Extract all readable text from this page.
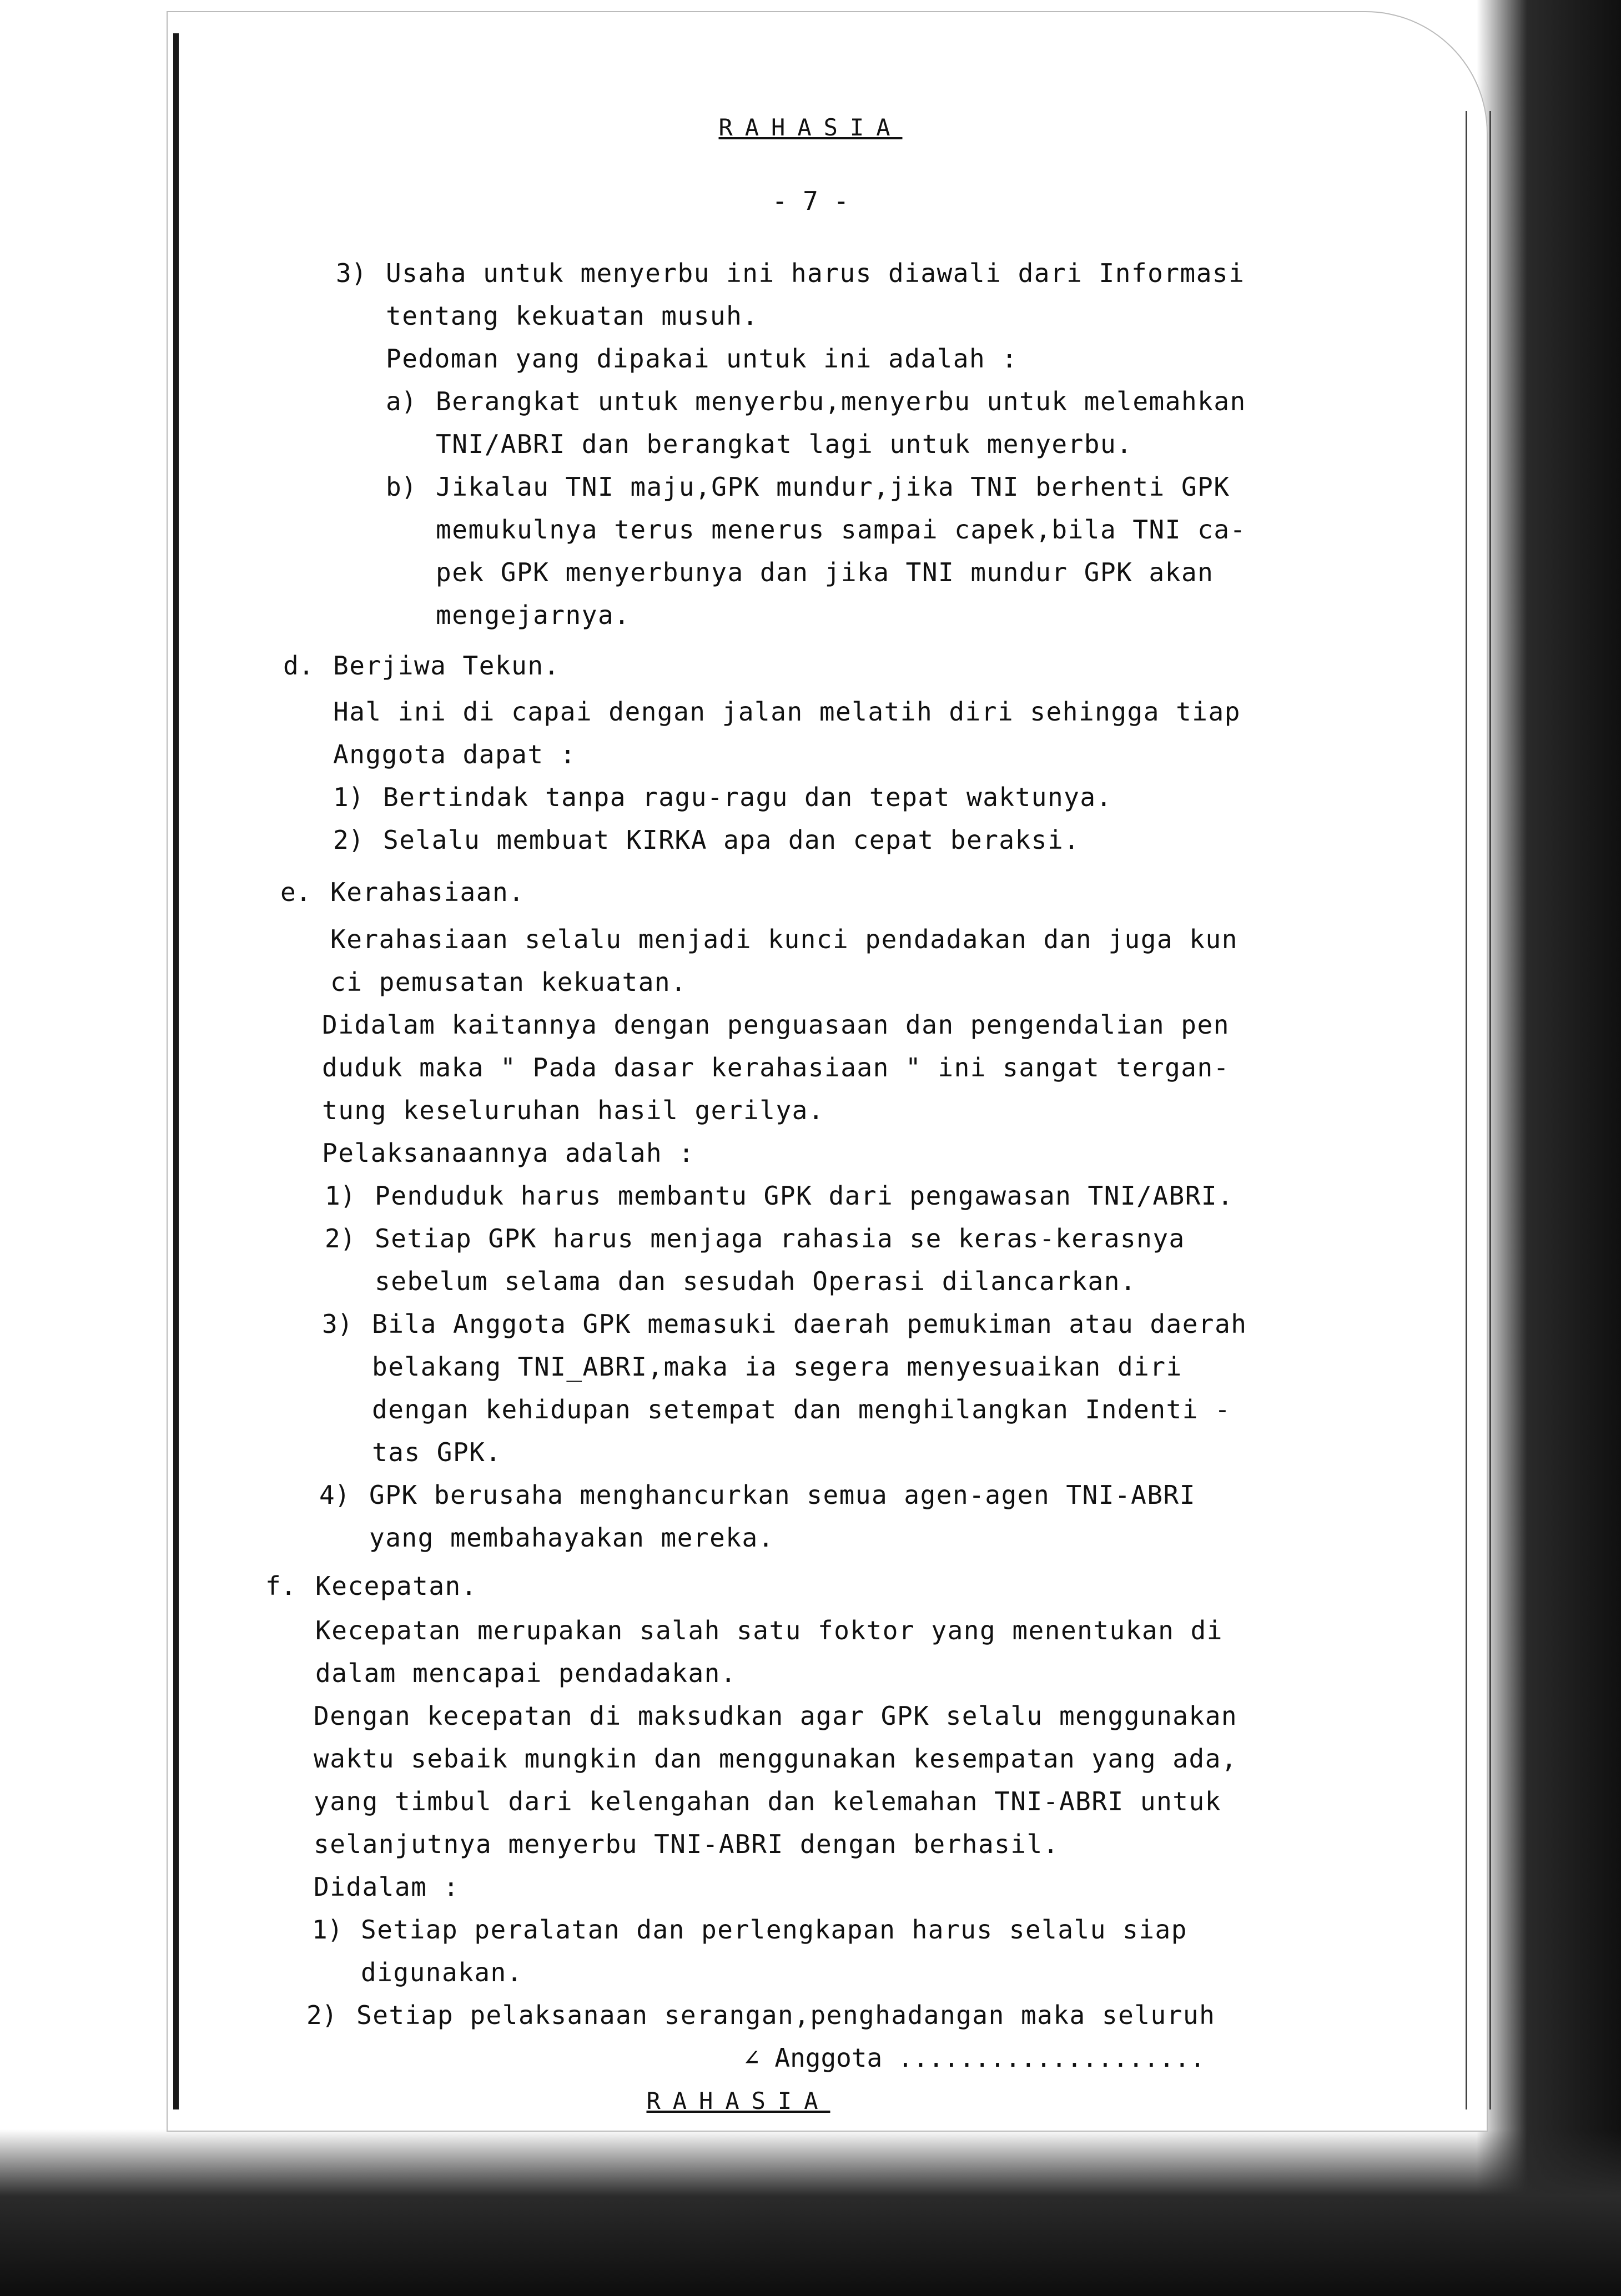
RAHASIA
- 7 -
3) Usaha untuk menyerbu ini harus diawali dari Informasi
tentang kekuatan musuh.
Pedoman yang dipakai untuk ini adalah :
a) Berangkat untuk menyerbu,menyerbu untuk melemahkan
TNI/ABRI dan berangkat lagi untuk menyerbu.
b) Jikalau TNI maju,GPK mundur,jika TNI berhenti GPK
memukulnya terus menerus sampai capek,bila TNI ca-
pek GPK menyerbunya dan jika TNI mundur GPK akan
mengejarnya.
d. Berjiwa Tekun.
Hal ini di capai dengan jalan melatih diri sehingga tiap
Anggota dapat :
1) Bertindak tanpa ragu-ragu dan tepat waktunya.
2) Selalu membuat KIRKA apa dan cepat beraksi.
e. Kerahasiaan.
Kerahasiaan selalu menjadi kunci pendadakan dan juga kun
ci pemusatan kekuatan.
Didalam kaitannya dengan penguasaan dan pengendalian pen
duduk maka " Pada dasar kerahasiaan " ini sangat tergan-
tung keseluruhan hasil gerilya.
Pelaksanaannya adalah :
1) Penduduk harus membantu GPK dari pengawasan TNI/ABRI.
2) Setiap GPK harus menjaga rahasia se keras-kerasnya
sebelum selama dan sesudah Operasi dilancarkan.
3) Bila Anggota GPK memasuki daerah pemukiman atau daerah
belakang TNI_ABRI,maka ia segera menyesuaikan diri
dengan kehidupan setempat dan menghilangkan Indenti -
tas GPK.
4) GPK berusaha menghancurkan semua agen-agen TNI-ABRI
yang membahayakan mereka.
f. Kecepatan.
Kecepatan merupakan salah satu foktor yang menentukan di
dalam mencapai pendadakan.
Dengan kecepatan di maksudkan agar GPK selalu menggunakan
waktu sebaik mungkin dan menggunakan kesempatan yang ada,
yang timbul dari kelengahan dan kelemahan TNI-ABRI untuk
selanjutnya menyerbu TNI-ABRI dengan berhasil.
Didalam :
1) Setiap peralatan dan perlengkapan harus selalu siap
digunakan.
2) Setiap pelaksanaan serangan,penghadangan maka seluruh
∠ Anggota ....................
RAHASIA
